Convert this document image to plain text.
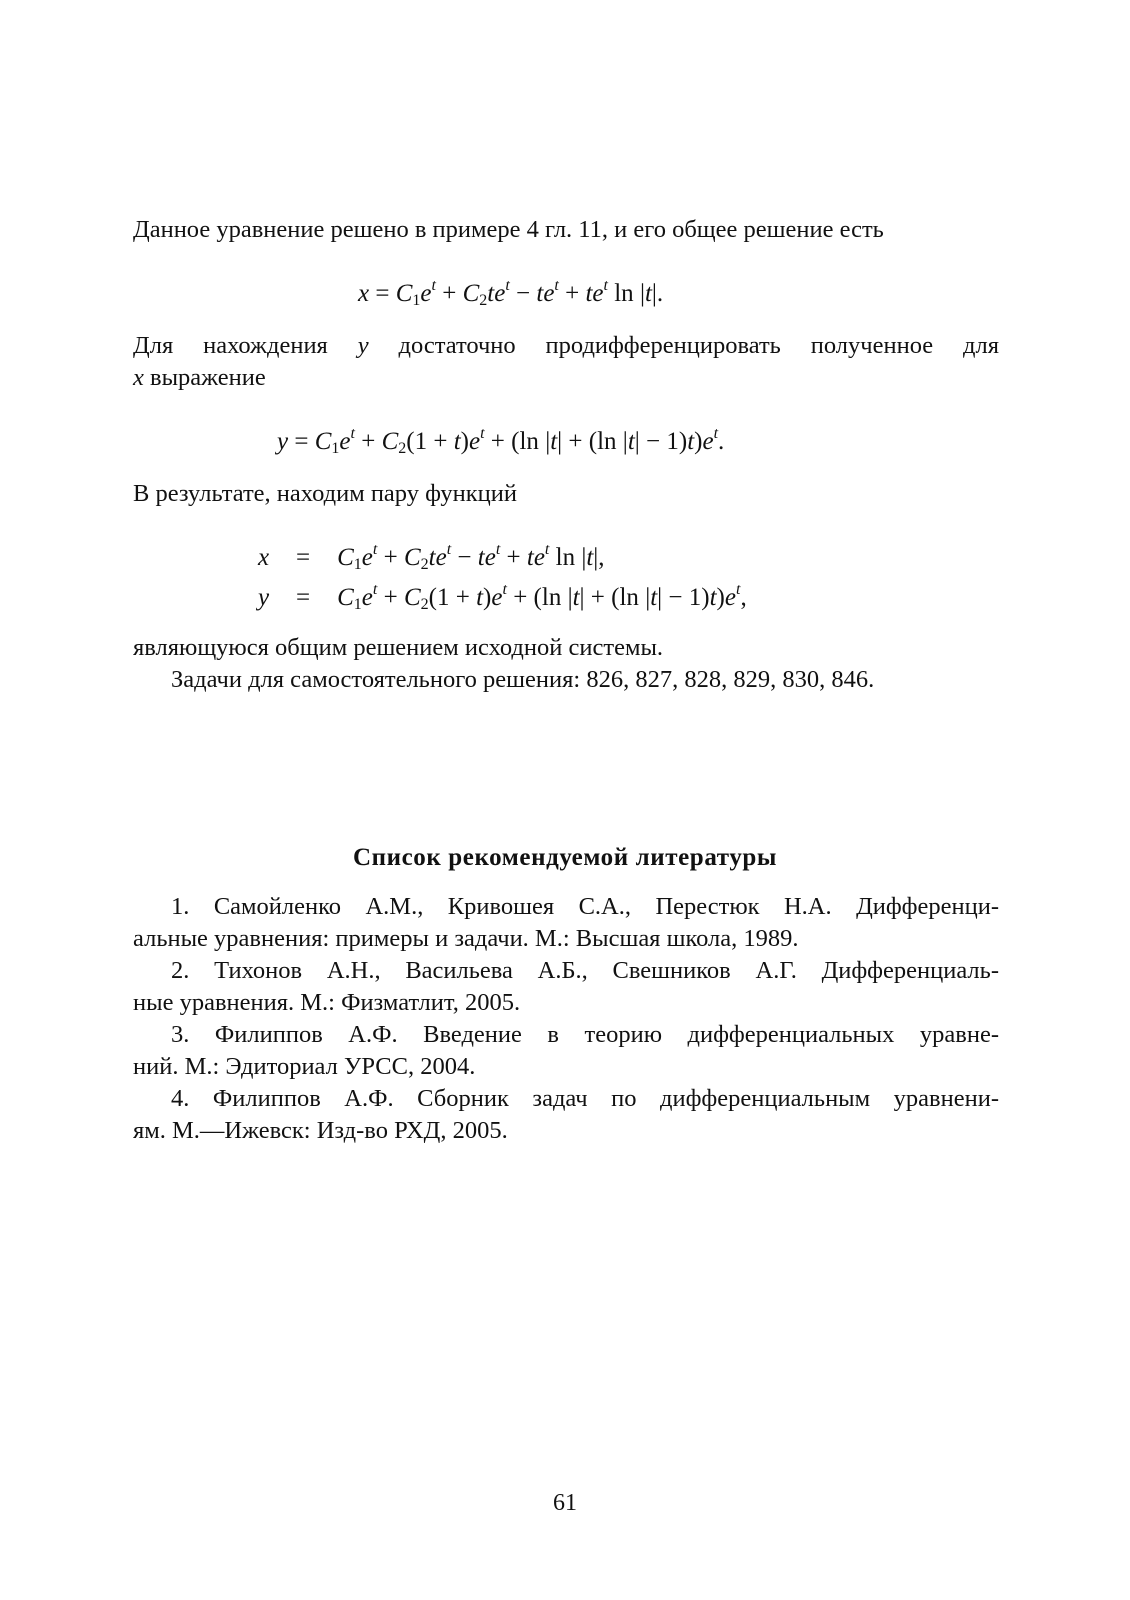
Данное уравнение решено в примере 4 гл. 11, и его общее решение есть
$x = C_1e^t + C_2te^t - te^t + te^t$ ln |t|.
Для нахождения y достаточно продифференцировать полученное для
x выражение
$y = C_1e^t + C_2(1 + t)e^t + (\ln$ |t| + (ln $|t| - 1)t)e^t$.
В результате, находим пару функций
$x = C_1e^t + C_2te^t - te^t + te^t$ ln |t|,
$y = C_1e^t + C_2(1 + t)e^t + (\ln$ |t| + (ln $|t| - 1)t)e^t$,
являющуюся общим решением исходной системы.
Задачи для самостоятельного решения: 826, 827, 828, 829, 830, 846.
Список рекомендуемой литературы
1. Самойленко А.М., Кривошея С.А., Перестюк Н.А. Дифференци-
альные уравнения: примеры и задачи. М.: Высшая школа, 1989.
2. Тихонов А.Н., Васильева А.Б., Свешников А.Г. Дифференциаль-
ные уравнения. М.: Физматлит, 2005.
3. Филиппов А.Ф. Введение в теорию дифференциальных уравне-
ний. М.: Эдиториал УРСС, 2004.
4. Филиппов А.Ф. Сборник задач по дифференциальным уравнени-
ям. М.—Ижевск: Изд-во РХД, 2005.
61
